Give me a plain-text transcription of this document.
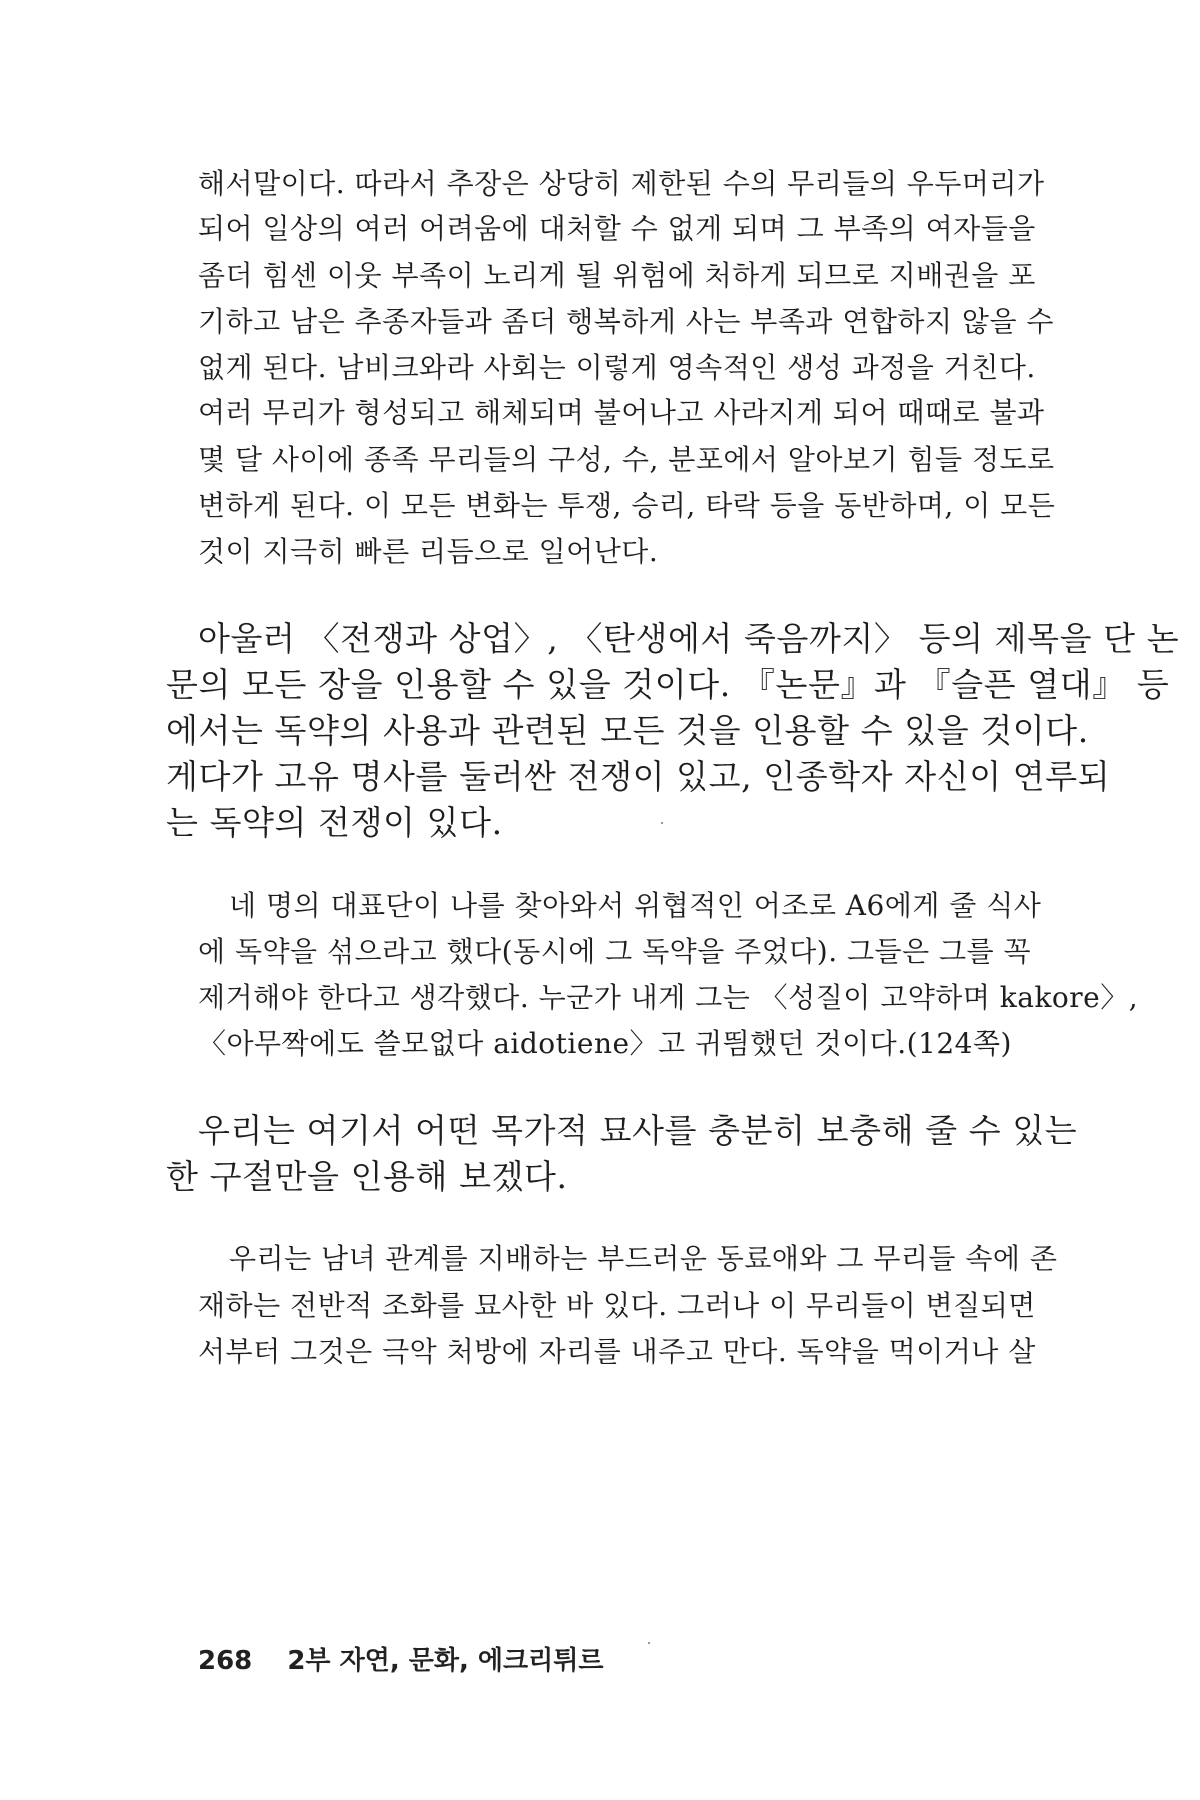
해서말이다. 따라서 추장은 상당히 제한된 수의 무리들의 우두머리가
되어 일상의 여러 어려움에 대처할 수 없게 되며 그 부족의 여자들을
좀더 힘센 이웃 부족이 노리게 될 위험에 처하게 되므로 지배권을 포
기하고 남은 추종자들과 좀더 행복하게 사는 부족과 연합하지 않을 수
없게 된다. 남비크와라 사회는 이렇게 영속적인 생성 과정을 거친다.
여러 무리가 형성되고 해체되며 불어나고 사라지게 되어 때때로 불과
몇 달 사이에 종족 무리들의 구성, 수, 분포에서 알아보기 힘들 정도로
변하게 된다. 이 모든 변화는 투쟁, 승리, 타락 등을 동반하며, 이 모든
것이 지극히 빠른 리듬으로 일어난다.
아울러 〈전쟁과 상업〉, 〈탄생에서 죽음까지〉 등의 제목을 단 논
문의 모든 장을 인용할 수 있을 것이다. 『논문』과 『슬픈 열대』 등
에서는 독약의 사용과 관련된 모든 것을 인용할 수 있을 것이다.
게다가 고유 명사를 둘러싼 전쟁이 있고, 인종학자 자신이 연루되
는 독약의 전쟁이 있다.
네 명의 대표단이 나를 찾아와서 위협적인 어조로 A6에게 줄 식사
에 독약을 섞으라고 했다(동시에 그 독약을 주었다). 그들은 그를 꼭
제거해야 한다고 생각했다. 누군가 내게 그는 〈성질이 고약하며 kakore〉,
〈아무짝에도 쓸모없다 aidotiene〉고 귀띔했던 것이다.(124쪽)
우리는 여기서 어떤 목가적 묘사를 충분히 보충해 줄 수 있는
한 구절만을 인용해 보겠다.
우리는 남녀 관계를 지배하는 부드러운 동료애와 그 무리들 속에 존
재하는 전반적 조화를 묘사한 바 있다. 그러나 이 무리들이 변질되면
서부터 그것은 극악 처방에 자리를 내주고 만다. 독약을 먹이거나 살
268 2부 자연, 문화, 에크리튀르
